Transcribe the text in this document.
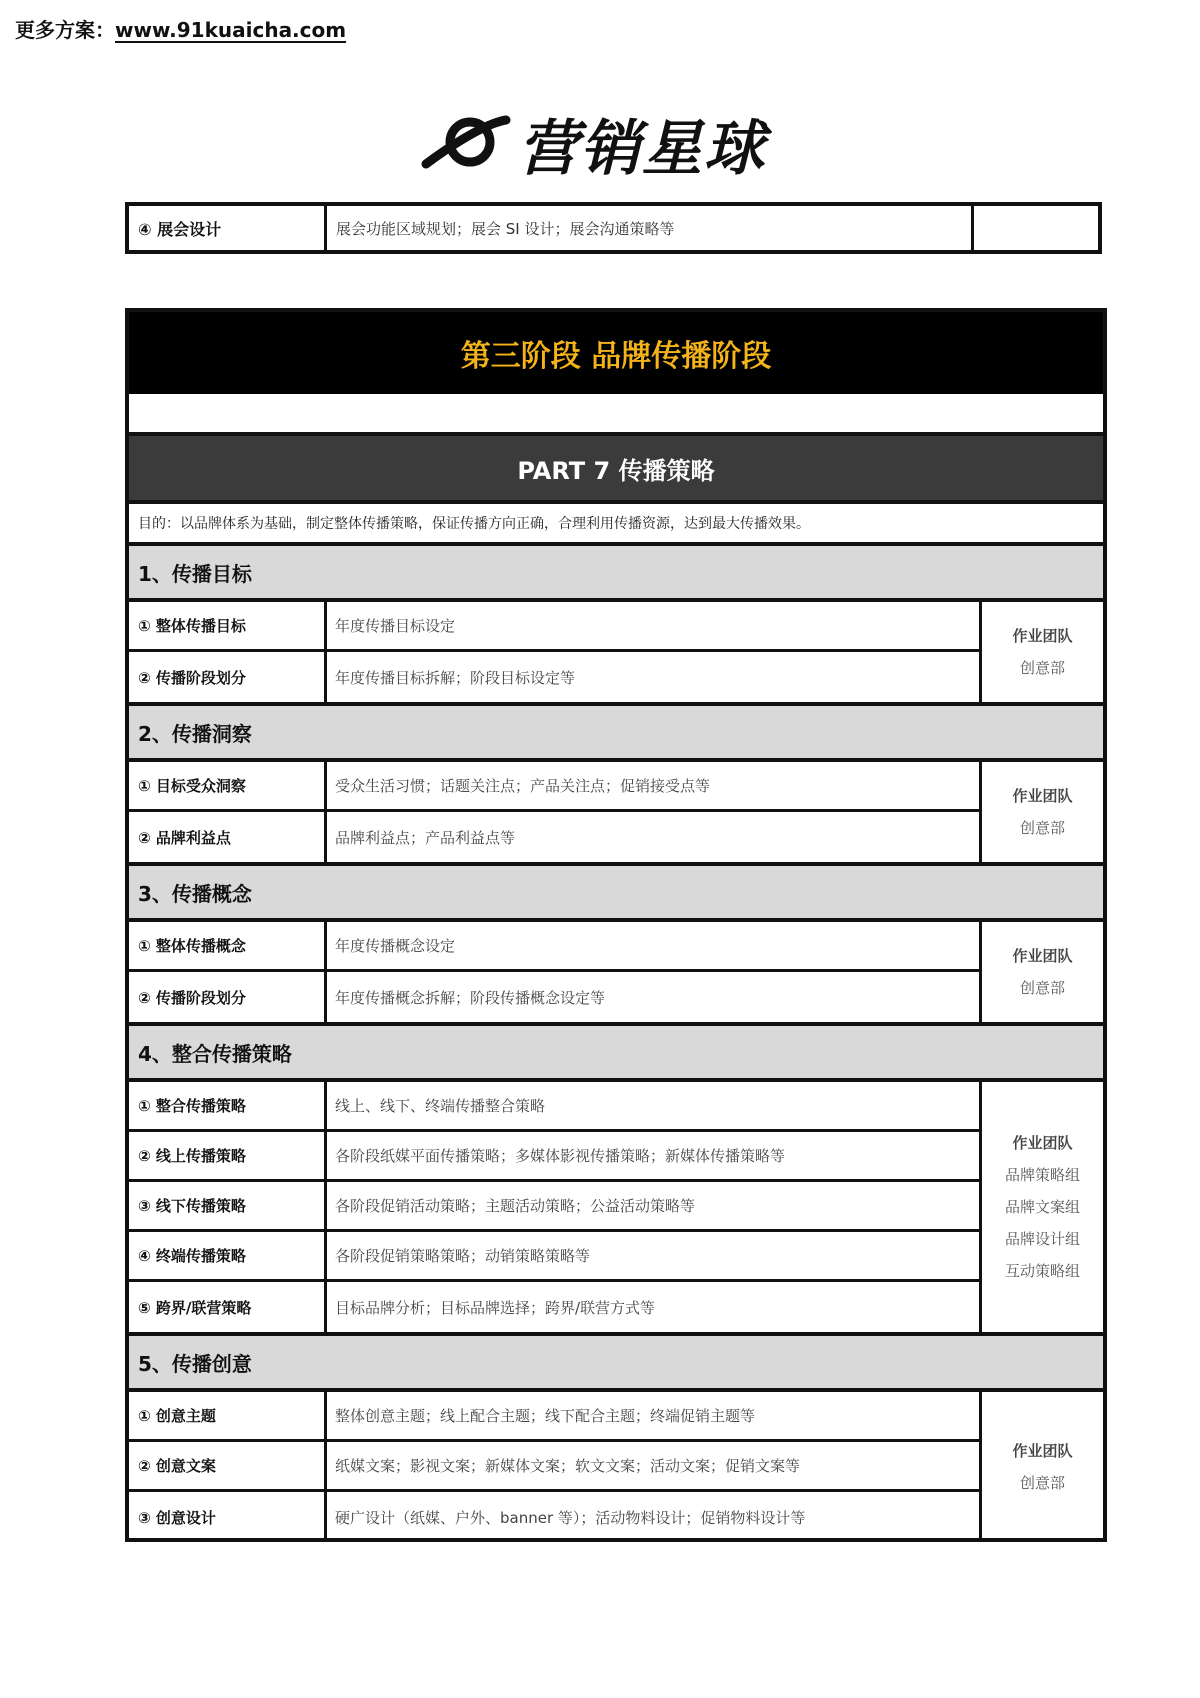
更多方案：www.91kuaicha.com
营销星球
④ 展会设计	展会功能区域规划；展会 SI 设计；展会沟通策略等
第三阶段 品牌传播阶段
PART 7 传播策略
目的：以品牌体系为基础，制定整体传播策略，保证传播方向正确，合理利用传播资源，达到最大传播效果。
1、传播目标
① 整体传播目标	年度传播目标设定
② 传播阶段划分	年度传播目标拆解；阶段目标设定等
作业团队
创意部
2、传播洞察
① 目标受众洞察	受众生活习惯；话题关注点；产品关注点；促销接受点等
② 品牌利益点	品牌利益点；产品利益点等
作业团队
创意部
3、传播概念
① 整体传播概念	年度传播概念设定
② 传播阶段划分	年度传播概念拆解；阶段传播概念设定等
作业团队
创意部
4、整合传播策略
① 整合传播策略	线上、线下、终端传播整合策略
② 线上传播策略	各阶段纸媒平面传播策略；多媒体影视传播策略；新媒体传播策略等
③ 线下传播策略	各阶段促销活动策略；主题活动策略；公益活动策略等
④ 终端传播策略	各阶段促销策略策略；动销策略策略等
⑤ 跨界/联营策略	目标品牌分析；目标品牌选择；跨界/联营方式等
作业团队
品牌策略组
品牌文案组
品牌设计组
互动策略组
5、传播创意
① 创意主题	整体创意主题；线上配合主题；线下配合主题；终端促销主题等
② 创意文案	纸媒文案；影视文案；新媒体文案；软文文案；活动文案；促销文案等
③ 创意设计	硬广设计（纸媒、户外、banner 等）；活动物料设计；促销物料设计等
作业团队
创意部
